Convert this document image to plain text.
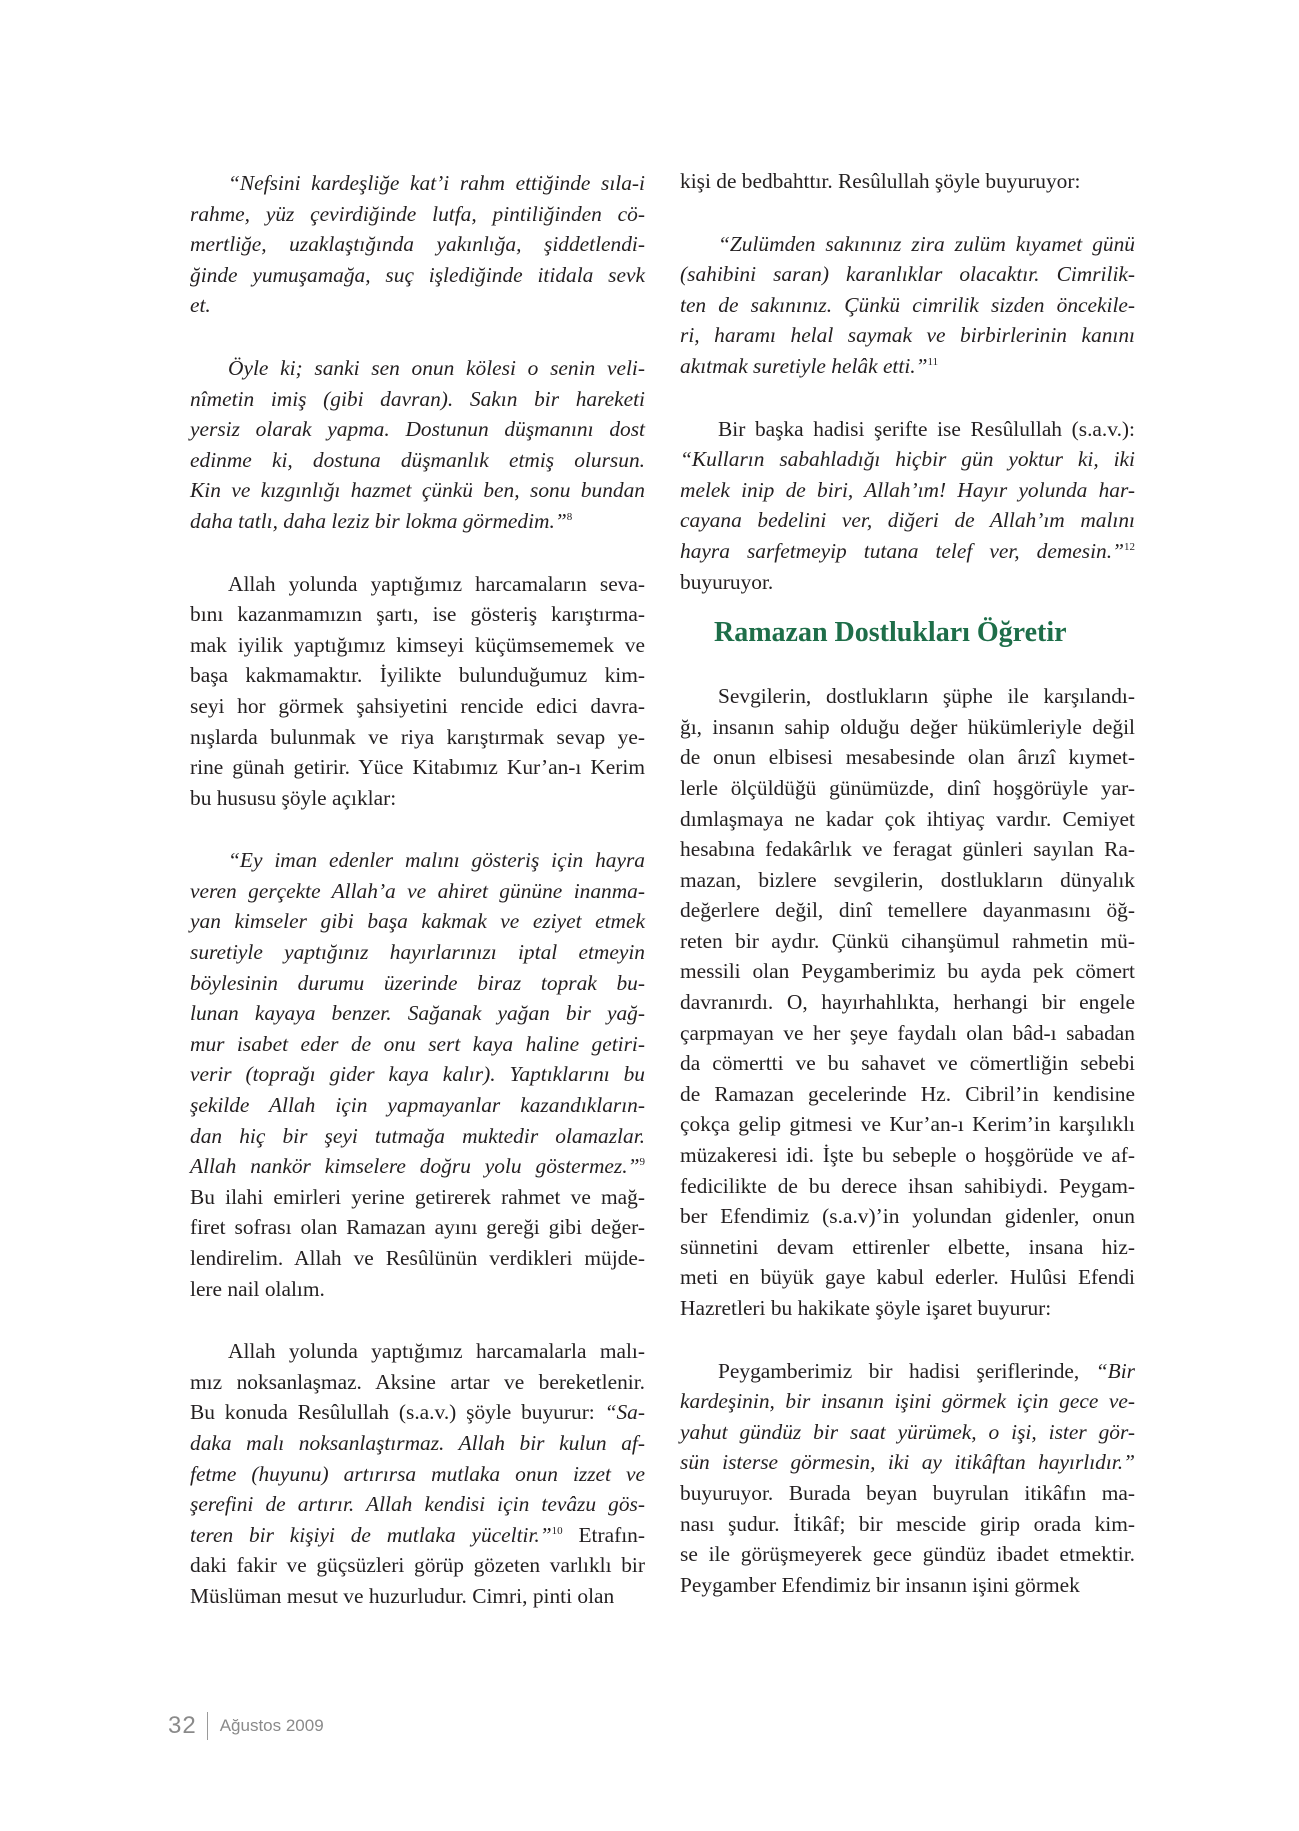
“Nefsini kardeşliğe kat’i rahm ettiğinde sıla-i
rahme, yüz çevirdiğinde lutfa, pintiliğinden cö-
mertliğe, uzaklaştığında yakınlığa, şiddetlendi-
ğinde yumuşamağa, suç işlediğinde itidala sevk
et.
Öyle ki; sanki sen onun kölesi o senin veli-
nîmetin imiş (gibi davran). Sakın bir hareketi
yersiz olarak yapma. Dostunun düşmanını dost
edinme ki, dostuna düşmanlık etmiş olursun.
Kin ve kızgınlığı hazmet çünkü ben, sonu bundan
daha tatlı, daha leziz bir lokma görmedim.”$^8$
Allah yolunda yaptığımız harcamaların seva-
bını kazanmamızın şartı, ise gösteriş karıştırma-
mak iyilik yaptığımız kimseyi küçümsememek ve
başa kakmamaktır. İyilikte bulunduğumuz kim-
seyi hor görmek şahsiyetini rencide edici davra-
nışlarda bulunmak ve riya karıştırmak sevap ye-
rine günah getirir. Yüce Kitabımız Kur’an-ı Kerim
bu hususu şöyle açıklar:
“Ey iman edenler malını gösteriş için hayra
veren gerçekte Allah’a ve ahiret gününe inanma-
yan kimseler gibi başa kakmak ve eziyet etmek
suretiyle yaptığınız hayırlarınızı iptal etmeyin
böylesinin durumu üzerinde biraz toprak bu-
lunan kayaya benzer. Sağanak yağan bir yağ-
mur isabet eder de onu sert kaya haline getiri-
verir (toprağı gider kaya kalır). Yaptıklarını bu
şekilde Allah için yapmayanlar kazandıkların-
dan hiç bir şeyi tutmağa muktedir olamazlar.
Allah nankör kimselere doğru yolu göstermez.”$^9$
Bu ilahi emirleri yerine getirerek rahmet ve mağ-
firet sofrası olan Ramazan ayını gereği gibi değer-
lendirelim. Allah ve Resûlünün verdikleri müjde-
lere nail olalım.
Allah yolunda yaptığımız harcamalarla malı-
mız noksanlaşmaz. Aksine artar ve bereketlenir.
Bu konuda Resûlullah (s.a.v.) şöyle buyurur: “Sa-
daka malı noksanlaştırmaz. Allah bir kulun af-
fetme (huyunu) artırırsa mutlaka onun izzet ve
şerefini de artırır. Allah kendisi için tevâzu gös-
teren bir kişiyi de mutlaka yüceltir.”$^{10}$ Etrafın-
daki fakir ve güçsüzleri görüp gözeten varlıklı bir
Müslüman mesut ve huzurludur. Cimri, pinti olan
kişi de bedbahttır. Resûlullah şöyle buyuruyor:
“Zulümden sakınınız zira zulüm kıyamet günü
(sahibini saran) karanlıklar olacaktır. Cimrilik-
ten de sakınınız. Çünkü cimrilik sizden öncekile-
ri, haramı helal saymak ve birbirlerinin kanını
akıtmak suretiyle helâk etti.”$^{11}$
Bir başka hadisi şerifte ise Resûlullah (s.a.v.):
“Kulların sabahladığı hiçbir gün yoktur ki, iki
melek inip de biri, Allah’ım! Hayır yolunda har-
cayana bedelini ver, diğeri de Allah’ım malını
hayra sarfetmeyip tutana telef ver, demesin.”$^{12}$
buyuruyor.
Ramazan Dostlukları Öğretir
Sevgilerin, dostlukların şüphe ile karşılandı-
ğı, insanın sahip olduğu değer hükümleriyle değil
de onun elbisesi mesabesinde olan ârızî kıymet-
lerle ölçüldüğü günümüzde, dinî hoşgörüyle yar-
dımlaşmaya ne kadar çok ihtiyaç vardır. Cemiyet
hesabına fedakârlık ve feragat günleri sayılan Ra-
mazan, bizlere sevgilerin, dostlukların dünyalık
değerlere değil, dinî temellere dayanmasını öğ-
reten bir aydır. Çünkü cihanşümul rahmetin mü-
messili olan Peygamberimiz bu ayda pek cömert
davranırdı. O, hayırhahlıkta, herhangi bir engele
çarpmayan ve her şeye faydalı olan bâd-ı sabadan
da cömertti ve bu sahavet ve cömertliğin sebebi
de Ramazan gecelerinde Hz. Cibril’in kendisine
çokça gelip gitmesi ve Kur’an-ı Kerim’in karşılıklı
müzakeresi idi. İşte bu sebeple o hoşgörüde ve af-
fedicilikte de bu derece ihsan sahibiydi. Peygam-
ber Efendimiz (s.a.v)’in yolundan gidenler, onun
sünnetini devam ettirenler elbette, insana hiz-
meti en büyük gaye kabul ederler. Hulûsi Efendi
Hazretleri bu hakikate şöyle işaret buyurur:
Peygamberimiz bir hadisi şeriflerinde, “Bir
kardeşinin, bir insanın işini görmek için gece ve-
yahut gündüz bir saat yürümek, o işi, ister gör-
sün isterse görmesin, iki ay itikâftan hayırlıdır.”
buyuruyor. Burada beyan buyrulan itikâfın ma-
nası şudur. İtikâf; bir mescide girip orada kim-
se ile görüşmeyerek gece gündüz ibadet etmektir.
Peygamber Efendimiz bir insanın işini görmek
32 Ağustos 2009
